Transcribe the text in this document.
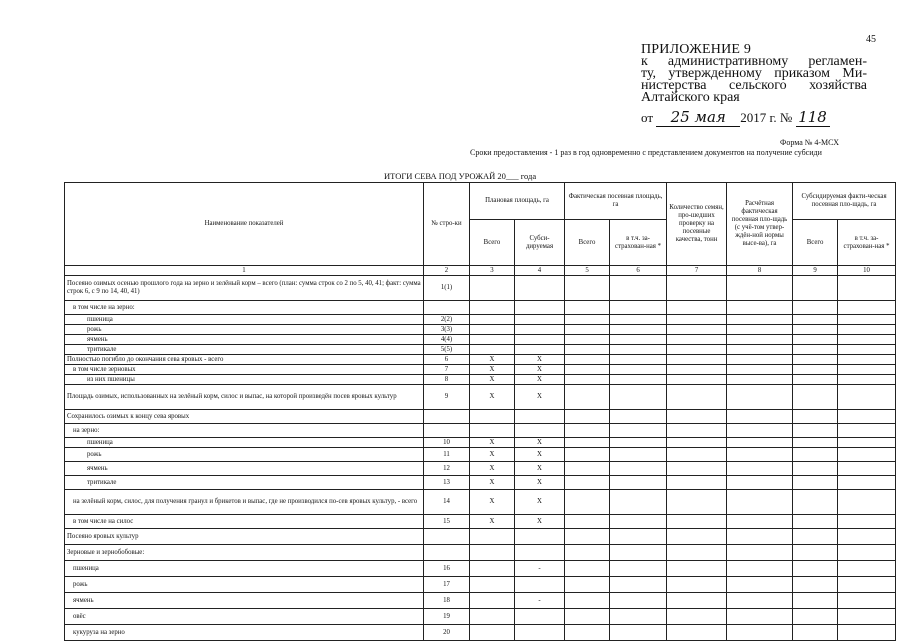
45
ПРИЛОЖЕНИЕ 9
к административному регламен-
ту, утвержденному приказом Ми-
нистерства сельского хозяйства
Алтайского края
от 25 мая 2017 г. № 118
Форма № 4-МСХ
Сроки предоставления - 1 раз в год одновременно с представлением документов на получение субсиди
ИТОГИ СЕВА ПОД УРОЖАЙ 20___ года
Наименование показателей	№ стро-ки	Плановая площадь, га		Фактическая посевная площадь, га		Количество семян, про-шедших проверку на посевные качества, тонн	Расчётная фактическая посевная пло-щадь (с учё-том утвер-ждён-ной нормы высе-ва), га	Субсидируемая факти-ческая посевная пло-щадь, га	
		Всего	Субси-дируемая	Всего	в т.ч. за-страхован-ная *			Всего	в т.ч. за-страхован-ная *
1	2	3	4	5	6	7	8	9	10
Посеяно озимых осенью прошлого года на зерно и зелёный корм – всего (план: сумма строк со 2 по 5, 40, 41; факт: сумма строк 6, с 9 по 14, 40, 41)	1(1)								
в том числе на зерно:									
пшеница	2(2)								
рожь	3(3)								
ячмень	4(4)								
тритикале	5(5)								
Полностью погибло до окончания сева яровых - всего	6	X	X						
в том числе зерновых	7	X	X						
из них пшеницы	8	X	X						
Площадь озимых, использованных на зелёный корм, силос и выпас, на которой произведён посев яровых культур	9	X	X						
Сохранилось озимых к концу сева яровых									
на зерно:									
пшеница	10	X	X						
рожь	11	X	X						
ячмень	12	X	X						
тритикале	13	X	X						
на зелёный корм, силос, для получения гранул и брикетов и выпас, где не производился по-сев яровых культур, - всего	14	X	X						
в том числе на силос	15	X	X						
Посеяно яровых культур									
Зерновые и зернобобовые:									
пшеница	16		-						
рожь	17								
ячмень	18		-						
овёс	19								
кукуруза на зерно	20								
